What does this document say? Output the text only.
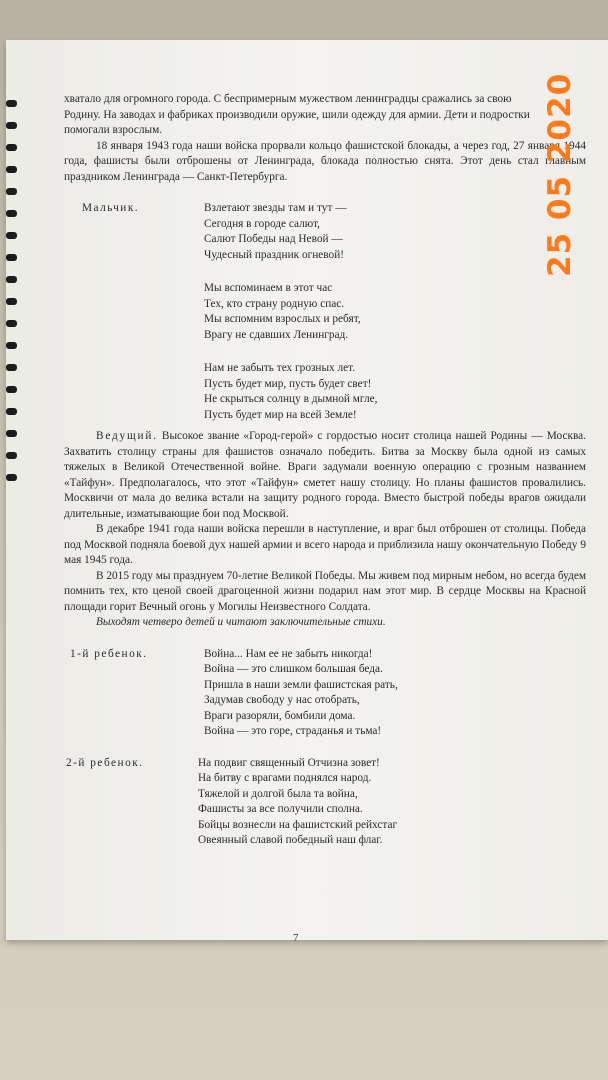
хватало для огромного города. С беспримерным мужеством ленинградцы сражались за свою
Родину. На заводах и фабриках производили оружие, шили одежду для армии. Дети и подростки
помогали взрослым.

18 января 1943 года наши войска прорвали кольцо фашистской блокады, а через год, 27 января 1944 года, фашисты были отброшены от Ленинграда, блокада полностью снята. Этот день стал главным праздником Ленинграда — Санкт-Петербурга.

Мальчик.	Взлетают звезды там и тут —
Сегодня в городе салют,
Салют Победы над Невой —
Чудесный праздник огневой!

Мы вспоминаем в этот час
Тех, кто страну родную спас.
Мы вспомним взрослых и ребят,
Врагу не сдавших Ленинград.

Нам не забыть тех грозных лет.
Пусть будет мир, пусть будет свет!
Не скрыться солнцу в дымной мгле,
Пусть будет мир на всей Земле!

Ведущий. Высокое звание «Город-герой» с гордостью носит столица нашей Родины — Москва. Захватить столицу страны для фашистов означало победить. Битва за Москву была одной из самых тяжелых в Великой Отечественной войне. Враги задумали военную операцию с грозным названием «Тайфун». Предполагалось, что этот «Тайфун» сметет нашу столицу. Но планы фашистов провалились. Москвичи от мала до велика встали на защиту родного города. Вместо быстрой победы врагов ожидали длительные, изматывающие бои под Москвой.

В декабре 1941 года наши войска перешли в наступление, и враг был отброшен от столицы. Победа под Москвой подняла боевой дух нашей армии и всего народа и приблизила нашу окончательную Победу 9 мая 1945 года.

В 2015 году мы празднуем 70-летие Великой Победы. Мы живем под мирным небом, но всегда будем помнить тех, кто ценой своей драгоценной жизни подарил нам этот мир. В сердце Москвы на Красной площади горит Вечный огонь у Могилы Неизвестного Солдата.

Выходят четверо детей и читают заключительные стихи.

1-й ребенок.	Война... Нам ее не забыть никогда!
Война — это слишком большая беда.
Пришла в наши земли фашистская рать,
Задумав свободу у нас отобрать,
Враги разоряли, бомбили дома.
Война — это горе, страданья и тьма!

2-й ребенок.	На подвиг священный Отчизна зовет!
На битву с врагами поднялся народ.
Тяжелой и долгой была та война,
Фашисты за все получили сполна.
Бойцы вознесли на фашистский рейхстаг
Овеянный славой победный наш флаг.

7
25 05 2020
